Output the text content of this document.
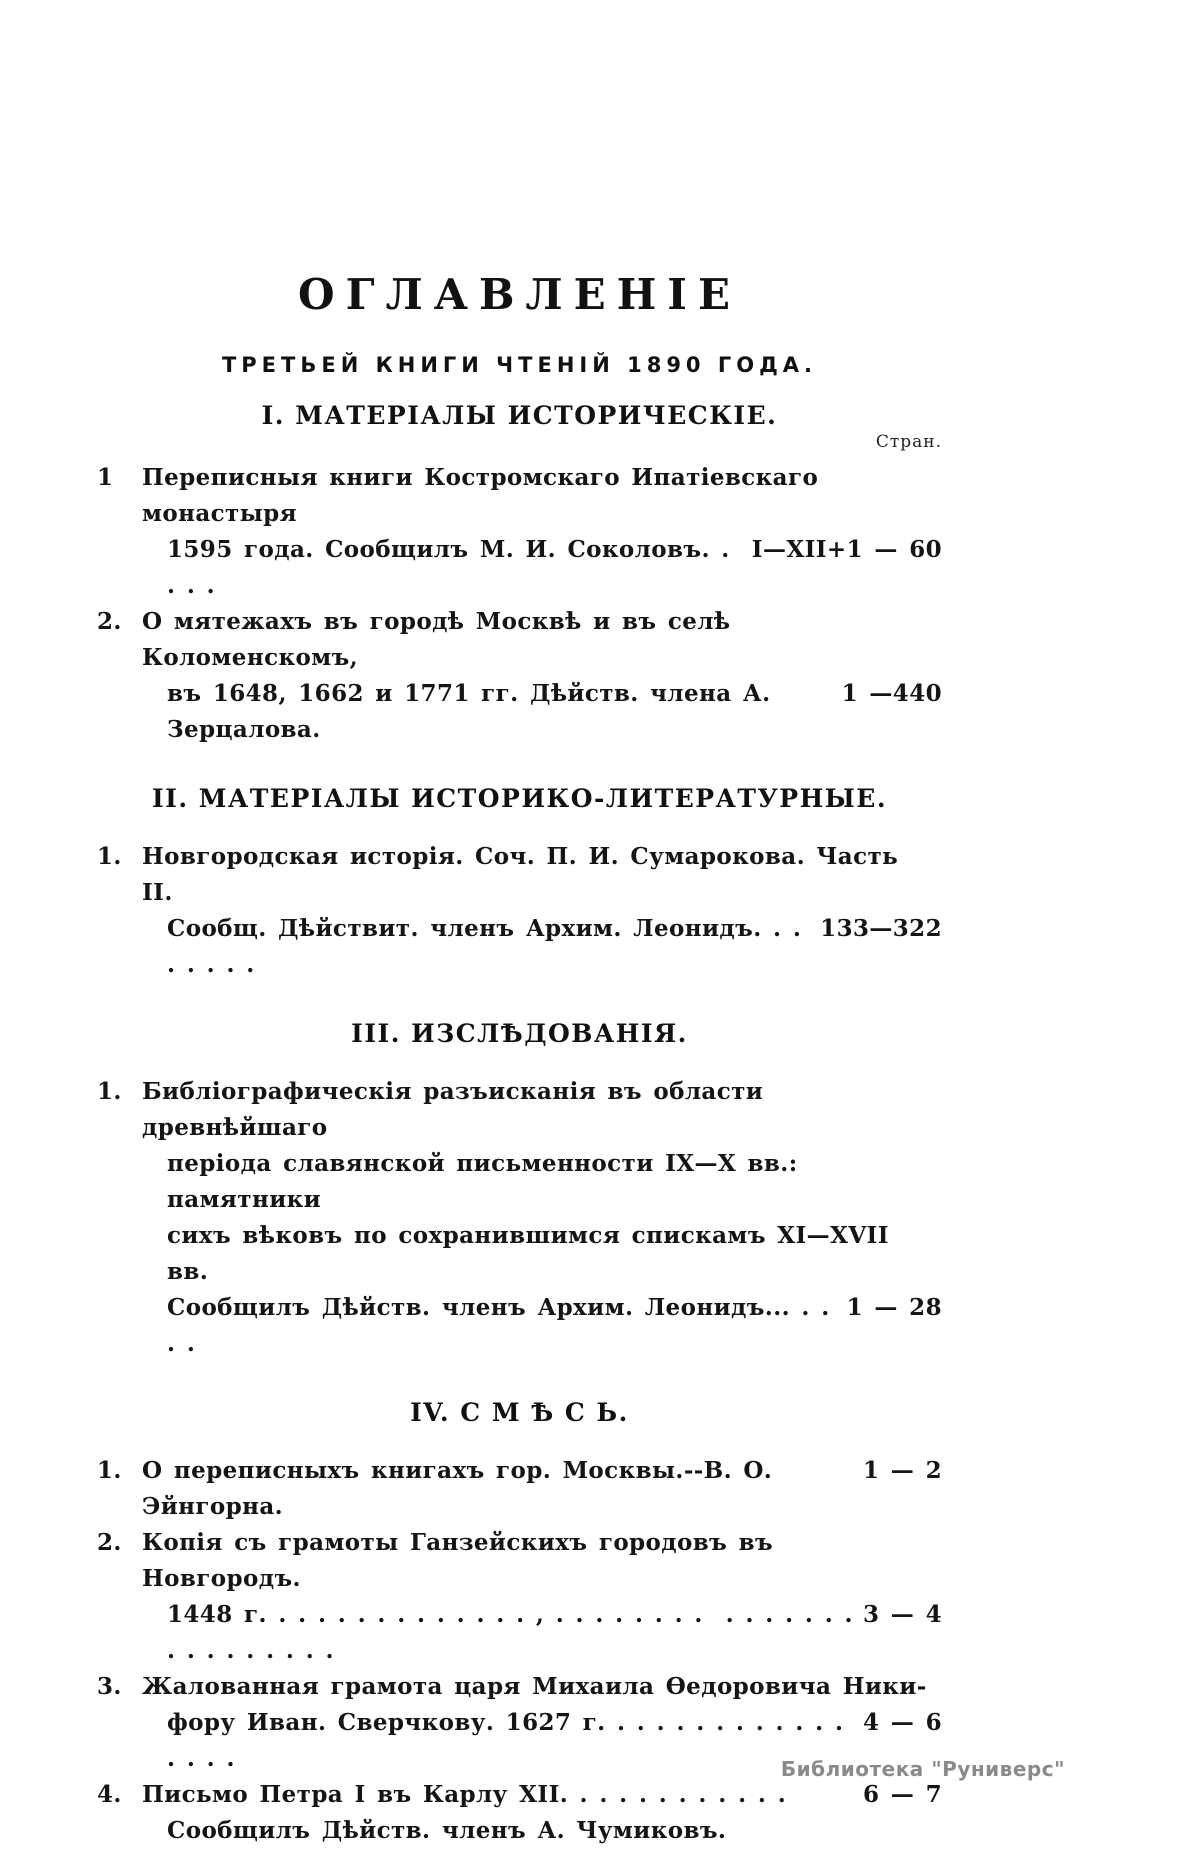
ОГЛАВЛЕНІЕ
ТРЕТЬЕЙ КНИГИ ЧТЕНІЙ 1890 ГОДА.
I. МАТЕРІАЛЫ ИСТОРИЧЕСКІЕ.
Стран.
1	Переписныя книги Костромскаго Ипатіевскаго монастыря
1595 года. Сообщилъ М. И. Соколовъ. . . . .
I—XII+1 — 60
2. О мятежахъ въ городѣ Москвѣ и въ селѣ Коломенскомъ,
въ 1648, 1662 и 1771 гг. Дѣйств. члена А. Зерцалова.
1 —440
II. МАТЕРІАЛЫ ИСТОРИКО-ЛИТЕРАТУРНЫЕ.
1. Новгородская исторія. Соч. П. И. Сумарокова. Часть II.
Сообщ. Дѣйствит. членъ Архим. Леонидъ. . . . . . . .
133—322
III. ИЗСЛѢДОВАНІЯ.
1. Библіографическія разъисканія въ области древнѣйшаго
періода славянской письменности IX—X вв.: памятники
сихъ вѣковъ по сохранившимся спискамъ XI—XVII вв.
Сообщилъ Дѣйств. членъ Архим. Леонидъ... . . . .
1 — 28
IV. С М Ѣ С Ь.
1. О переписныхъ книгахъ гор. Москвы.--В. О. Эйнгорна.
1 — 2
2. Копія съ грамоты Ганзейскихъ городовъ въ Новгородъ.
1448 г. . . . . . . . . . . . . . , . . . . . . . .  . . . . . . . . . . . . . . . .
3 — 4
3. Жалованная грамота царя Михаила Ѳедоровича Ники-
фору Иван. Сверчкову. 1627 г. . . . . . . . . . . . . . . . .
4 — 6
4. Письмо Петра I въ Карлу XII. . . . . . . . . . . .	6 — 7
Сообщилъ Дѣйств. членъ А. Чумиковъ.
Библиотека "Руниверс"
